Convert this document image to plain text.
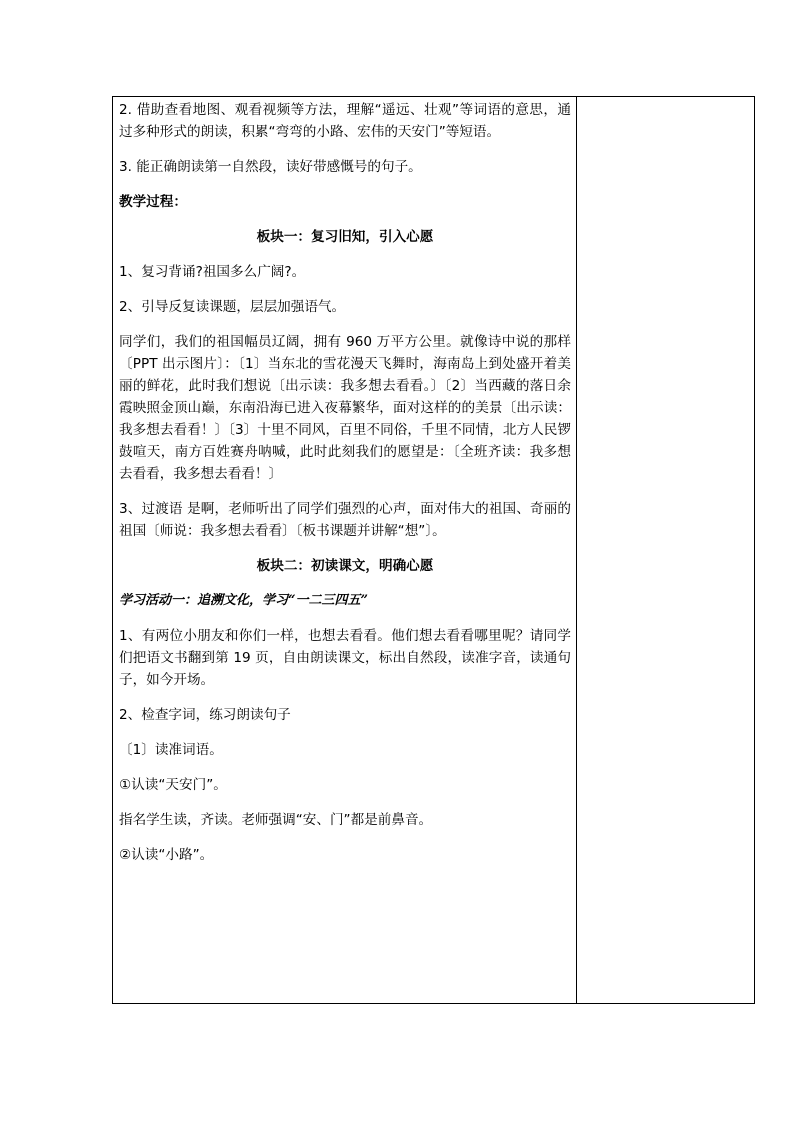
2. 借助查看地图、观看视频等方法，理解“遥远、壮观”等词语的意思，通过多种形式的朗读，积累“弯弯的小路、宏伟的天安门”等短语。

3. 能正确朗读第一自然段，读好带感慨号的句子。

教学过程：

板块一：复习旧知，引入心愿

1、复习背诵?祖国多么广阔?。

2、引导反复读课题，层层加强语气。

同学们，我们的祖国幅员辽阔，拥有 960 万平方公里。就像诗中说的那样〔PPT 出示图片〕：〔1〕当东北的雪花漫天飞舞时，海南岛上到处盛开着美丽的鲜花，此时我们想说〔出示读：我多想去看看。〕〔2〕当西藏的落日余霞映照金顶山巅，东南沿海已进入夜幕繁华，面对这样的的美景〔出示读：我多想去看看！〕〔3〕十里不同风，百里不同俗，千里不同情，北方人民锣鼓喧天，南方百姓赛舟呐喊，此时此刻我们的愿望是：〔全班齐读：我多想去看看，我多想去看看！〕

3、过渡语 是啊，老师听出了同学们强烈的心声，面对伟大的祖国、奇丽的祖国〔师说：我多想去看看〕〔板书课题并讲解“想”〕。

板块二：初读课文，明确心愿

学习活动一：追溯文化，学习“一二三四五”

1、有两位小朋友和你们一样，也想去看看。他们想去看看哪里呢？请同学们把语文书翻到第 19 页，自由朗读课文，标出自然段，读准字音，读通句子，如今开场。

2、检查字词，练习朗读句子

〔1〕读准词语。

①认读“天安门”。

指名学生读，齐读。老师强调“安、门”都是前鼻音。

②认读“小路”。
